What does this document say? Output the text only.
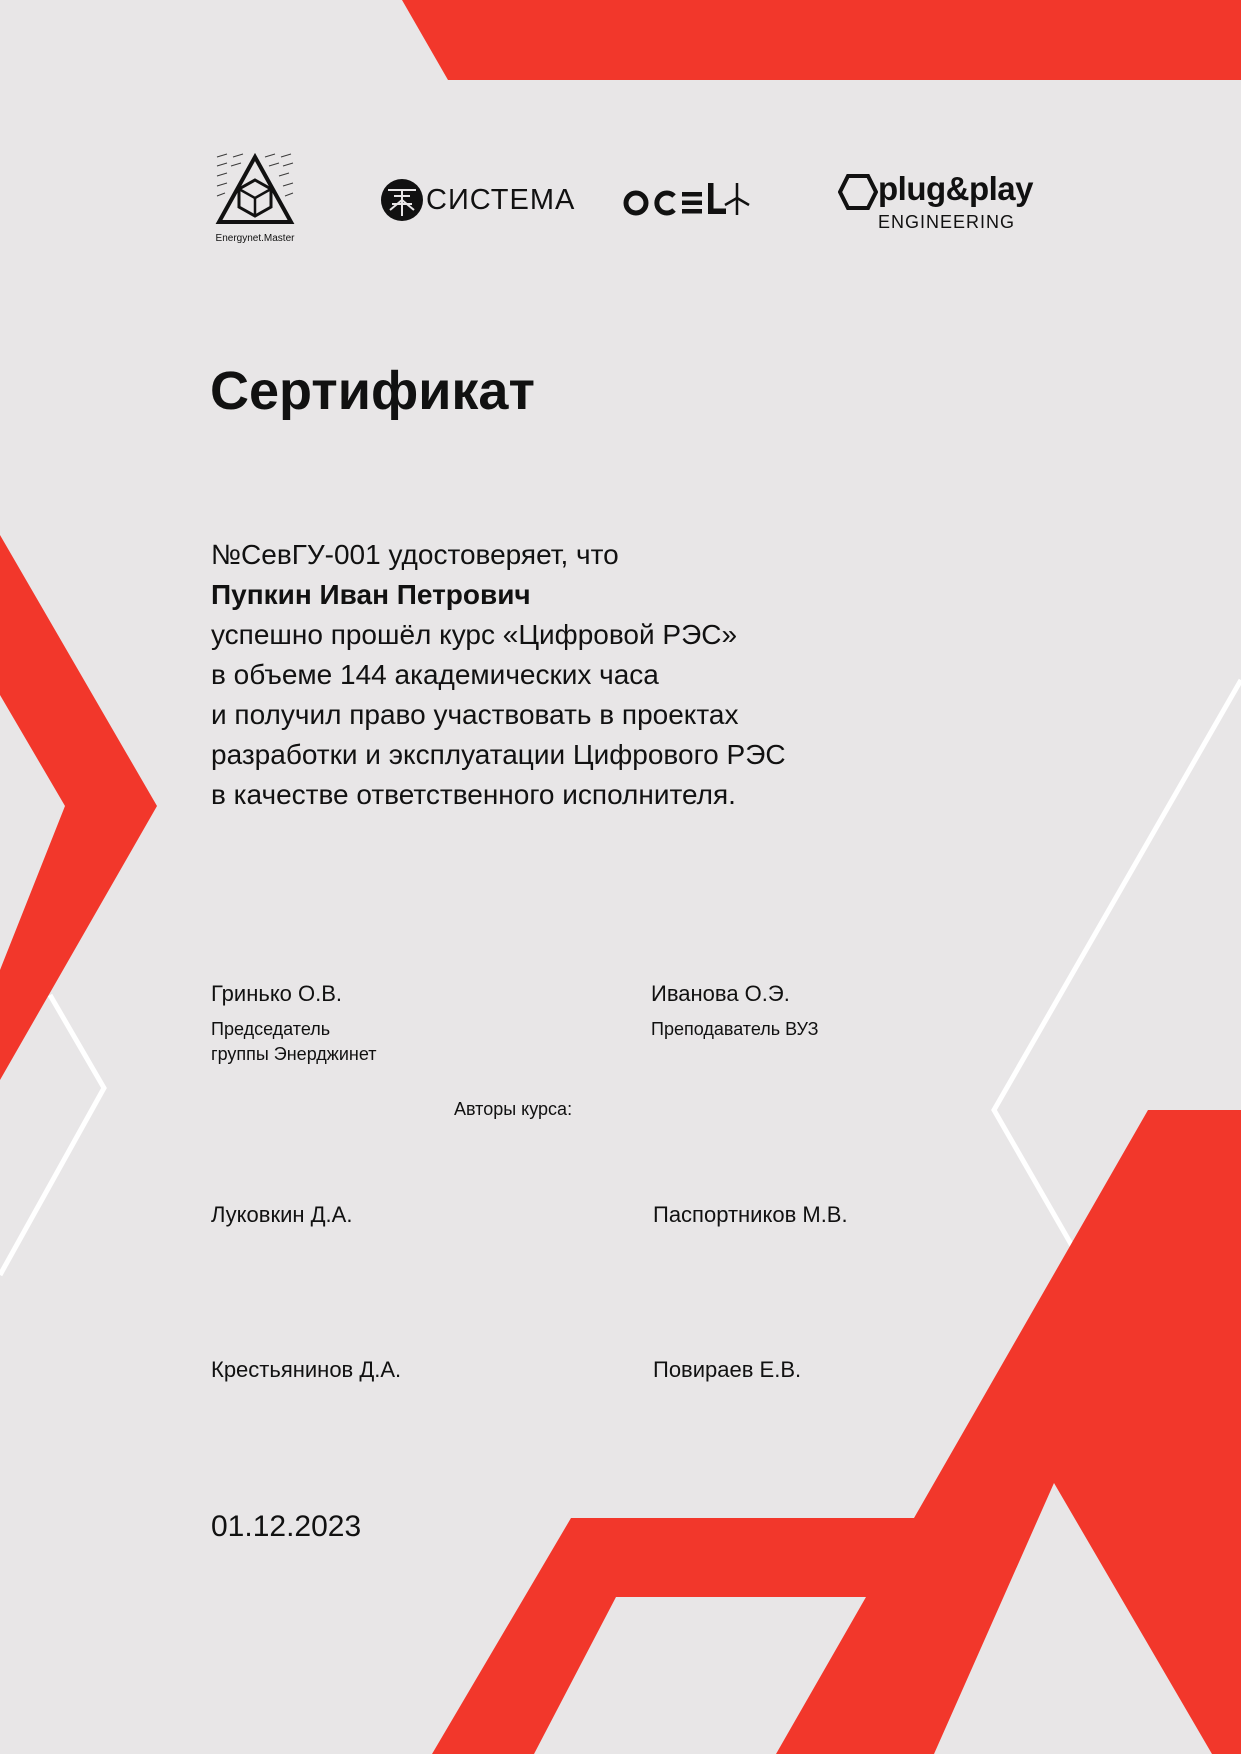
Energynet.Master
СИСТЕМА	plug&play
ENGINEERING
Сертификат
№СевГУ-001 удостоверяет, что
Пупкин Иван Петрович
успешно прошёл курс «Цифровой РЭС»
в объеме 144 академических часа
и получил право участвовать в проектах
разработки и эксплуатации Цифрового РЭС
в качестве ответственного исполнителя.
Гринько О.В.
Председатель
группы Энерджинет
Иванова О.Э.
Преподаватель ВУЗ
Авторы курса:
Луковкин Д.А.	Паспортников М.В.
Крестьянинов Д.А.	Повираев Е.В.
01.12.2023
